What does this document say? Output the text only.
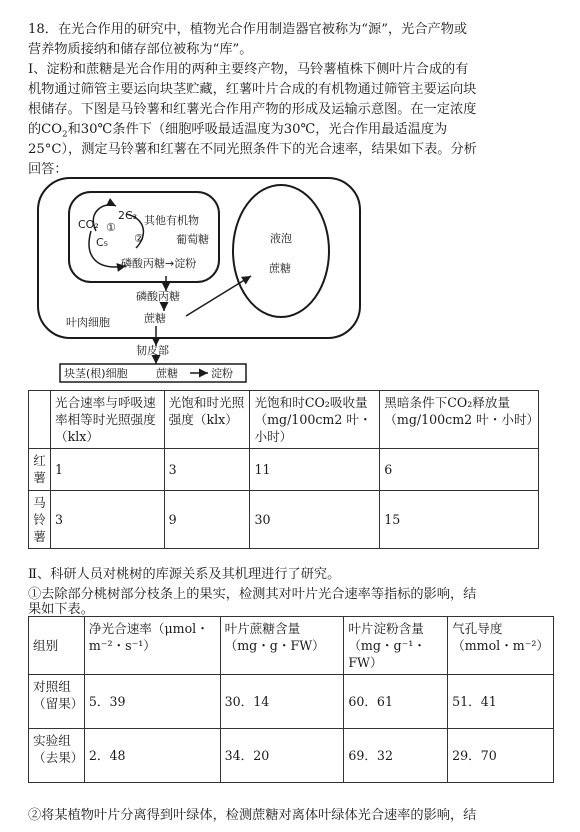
18．在光合作用的研究中，植物光合作用制造器官被称为“源”，光合产物或
营养物质接纳和储存部位被称为“库”。
Ⅰ、淀粉和蔗糖是光合作用的两种主要终产物，马铃薯植株下侧叶片合成的有
机物通过筛管主要运向块茎贮藏，红薯叶片合成的有机物通过筛管主要运向块
根储存。下图是马铃薯和红薯光合作用产物的形成及运输示意图。在一定浓度
的$CO_2$和30℃条件下（细胞呼吸最适温度为30℃，光合作用最适温度为
25°C），测定马铃薯和红薯在不同光照条件下的光合速率，结果如下表。分析
回答：
CO₂
C₅
2C₃
①
②
其他有机物
葡萄糖
磷酸丙糖→淀粉
液泡
蔗糖
磷酸丙糖
蔗糖
叶肉细胞
韧皮部
块茎(根)细胞	蔗糖	淀粉
	光合速率与呼吸速率相等时光照强度（klx）	光饱和时光照强度（klx）	光饱和时CO₂吸收量（mg/100cm2 叶・小时）	黑暗条件下CO₂释放量（mg/100cm2 叶・小时）
红薯	1	3	11	6
马铃薯	3	9	30	15
Ⅱ、科研人员对桃树的库源关系及其机理进行了研究。
①去除部分桃树部分枝条上的果实，检测其对叶片光合速率等指标的影响，结
果如下表。
组别	净光合速率（μmol・m⁻²・s⁻¹）	叶片蔗糖含量（mg・g・FW）	叶片淀粉含量（mg・g⁻¹・FW）	气孔导度（mmol・m⁻²）
对照组（留果）	5．39	30．14	60．61	51．41
实验组（去果）	2．48	34．20	69．32	29．70
②将某植物叶片分离得到叶绿体，检测蔗糖对离体叶绿体光合速率的影响，结
